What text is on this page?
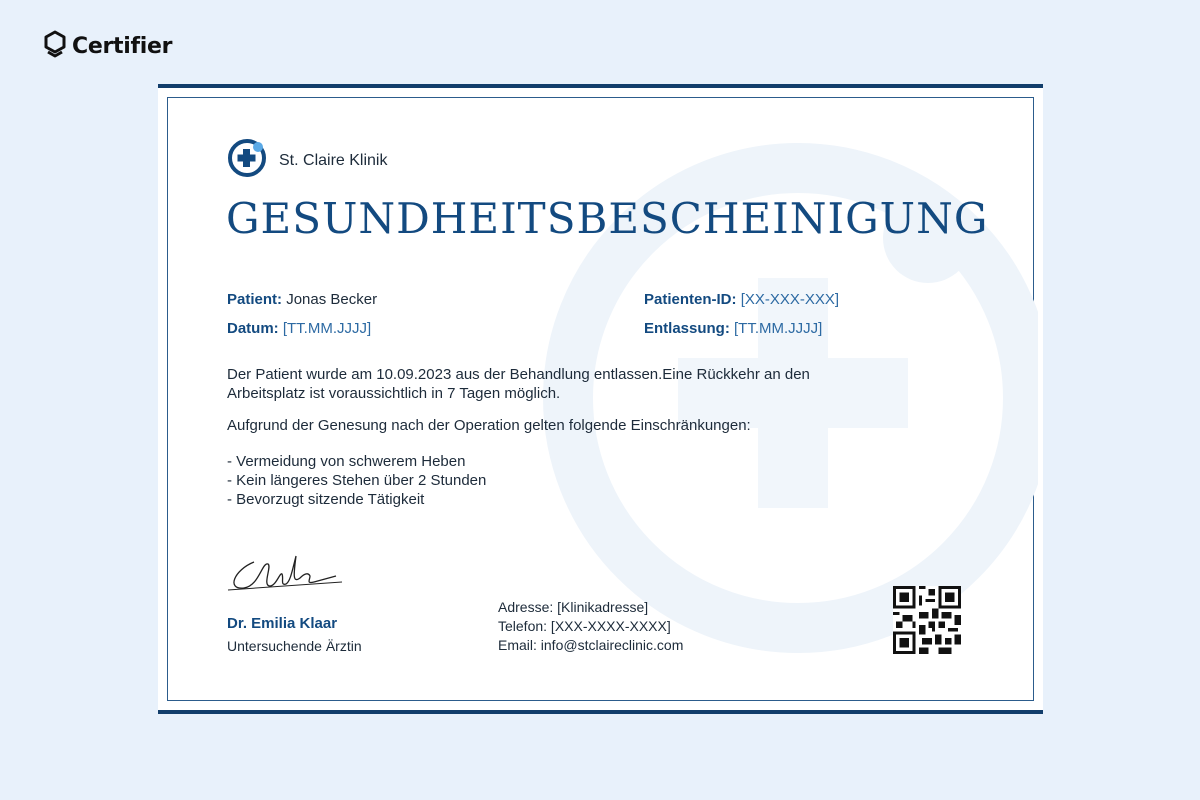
Certifier
St. Claire Klinik
GESUNDHEITSBESCHEINIGUNG
Patient: Jonas Becker	Patienten-ID: [XX-XXX-XXX]
Datum: [TT.MM.JJJJ]	Entlassung: [TT.MM.JJJJ]
Der Patient wurde am 10.09.2023 aus der Behandlung entlassen.Eine Rückkehr an den
Arbeitsplatz ist voraussichtlich in 7 Tagen möglich.
Aufgrund der Genesung nach der Operation gelten folgende Einschränkungen:
- Vermeidung von schwerem Heben
- Kein längeres Stehen über 2 Stunden
- Bevorzugt sitzende Tätigkeit
Dr. Emilia Klaar
Untersuchende Ärztin
Adresse: [Klinikadresse]
Telefon: [XXX-XXXX-XXXX]
Email: info@stclaireclinic.com
